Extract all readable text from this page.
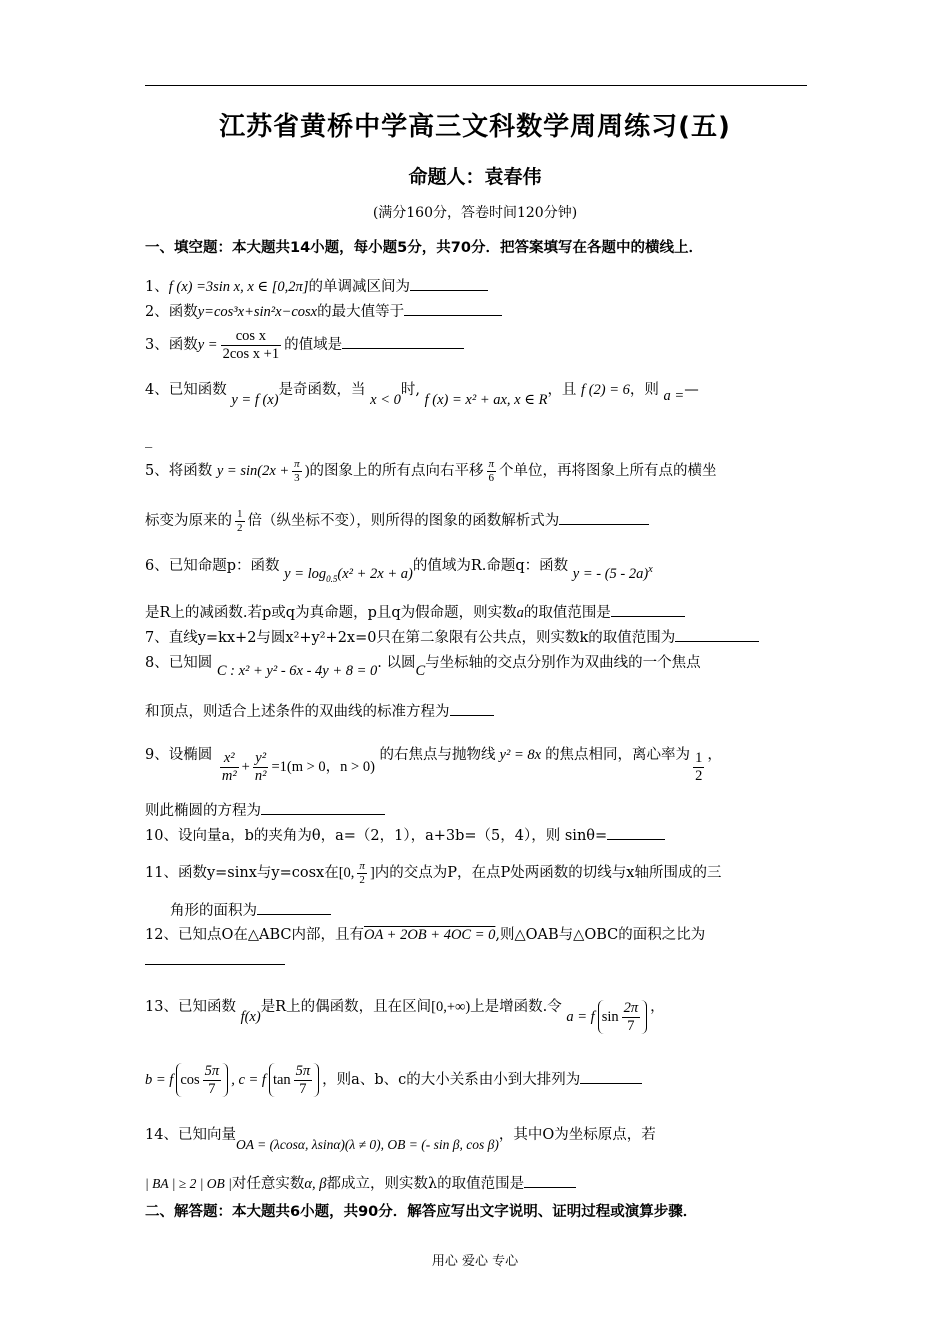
江苏省黄桥中学高三文科数学周周练习(五)
命题人：袁春伟
(满分160分，答卷时间120分钟)
一、填空题：本大题共14小题，每小题5分，共70分．把答案填写在各题中的横线上．
1、f (x) =3sin x, x ∈ [0,2π]的单调减区间为
2、函数y=cos³x+sin²x−cosx的最大值等于
3、函数$y = \frac{\text{cos x}}{\text{2cos x +1}}$ 的值域是
4、已知函数 y = f (x)是奇函数，当 x < 0时, f (x) = x² + ax, x ∈ R，且 f (2) = 6，则 a =—
_
5、将函数 $y = \sin(2x + \frac{\pi}{3}$ )的图象上的所有点向右平移 $\frac{\pi}{6}$ 个单位，再将图象上所有点的横坐
标变为原来的 $\frac{1}{2}$ 倍（纵坐标不变），则所得的图象的函数解析式为
6、已知命题p：函数 $y = \log_{0.5}(x^2 + 2x + a)$的值域为R.命题q：函数 y = - (5 - 2a)$^x$
是R上的减函数.若p或q为真命题，p且q为假命题，则实数a的取值范围是
7、直线y=kx+2与圆x²+y²+2x=0只在第二象限有公共点，则实数k的取值范围为
8、已知圆 C : x² + y² - 6x - 4y + 8 = 0. 以圆C与坐标轴的交点分别作为双曲线的一个焦点
和顶点，则适合上述条件的双曲线的标准方程为
9、设椭圆 $\frac{\text{x²}}{\text{m²}} + \frac{\text{y²}}{\text{n²}} =1(m > 0$，n > 0) 的右焦点与抛物线 y² = 8x 的焦点相同，离心率为 $\frac{1}{2}$ ，
则此椭圆的方程为
10、设向量a，b的夹角为θ，a=（2，1），a+3b=（5，4），则 sinθ=
11、函数y=sinx与y=cosx在[0, $\frac{\pi}{2}$ ]内的交点为P，在点P处两函数的切线与x轴所围成的三
角形的面积为
12、已知点O在△ABC内部，且有OA + 2OB + 4OC = 0,则△OAB与△OBC的面积之比为
13、已知函数 f(x)是R上的偶函数，且在区间[0,+∞)上是增函数.令 a = f $\sin \frac{2\pi}{7}$ ，
b = f $\cos \frac{5\pi}{7}$ , c = f $\tan \frac{5\pi}{7}$ ，则a、b、c的大小关系由小到大排列为
14、已知向量OA = (λcosα, λsinα)(λ ≠ 0), OB = (- sin β, cos β)，其中O为坐标原点，若
| BA | ≥ 2 | OB |对任意实数α, β都成立，则实数λ的取值范围是
二、解答题：本大题共6小题，共90分．解答应写出文字说明、证明过程或演算步骤．
用心 爱心 专心
